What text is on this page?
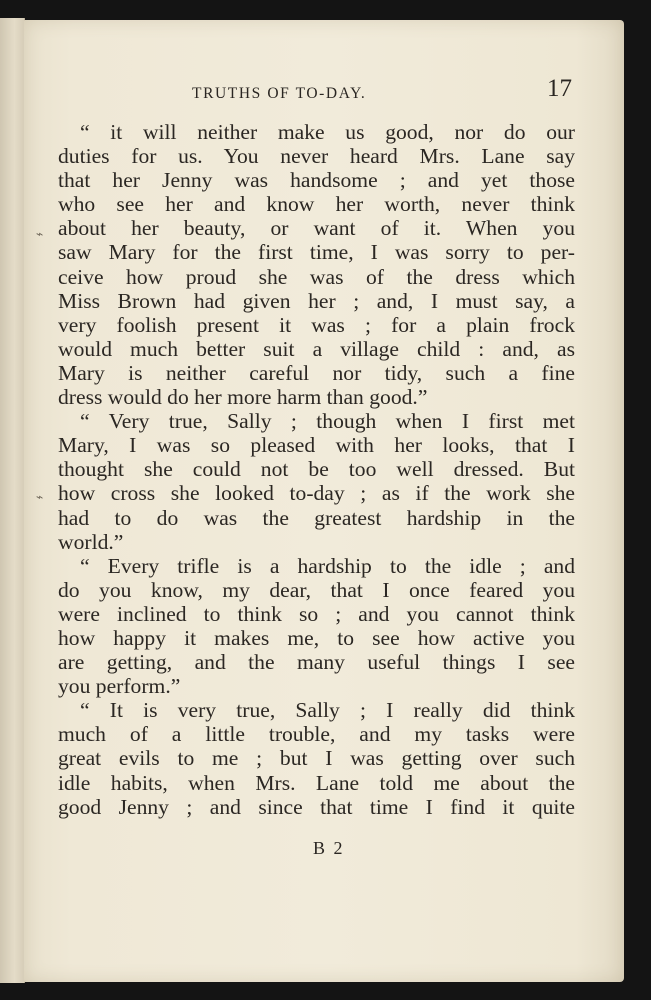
⌁
⌁
TRUTHS OF TO-DAY.	17
“ it will neither make us good, nor do our
duties for us. You never heard Mrs. Lane say
that her Jenny was handsome ; and yet those
who see her and know her worth, never think
about her beauty, or want of it. When you
saw Mary for the first time, I was sorry to per-
ceive how proud she was of the dress which
Miss Brown had given her ; and, I must say, a
very foolish present it was ; for a plain frock
would much better suit a village child : and, as
Mary is neither careful nor tidy, such a fine
dress would do her more harm than good.”
“ Very true, Sally ; though when I first met
Mary, I was so pleased with her looks, that I
thought she could not be too well dressed. But
how cross she looked to-day ; as if the work she
had to do was the greatest hardship in the
world.”
“ Every trifle is a hardship to the idle ; and
do you know, my dear, that I once feared you
were inclined to think so ; and you cannot think
how happy it makes me, to see how active you
are getting, and the many useful things I see
you perform.”
“ It is very true, Sally ; I really did think
much of a little trouble, and my tasks were
great evils to me ; but I was getting over such
idle habits, when Mrs. Lane told me about the
good Jenny ; and since that time I find it quite
B 2
